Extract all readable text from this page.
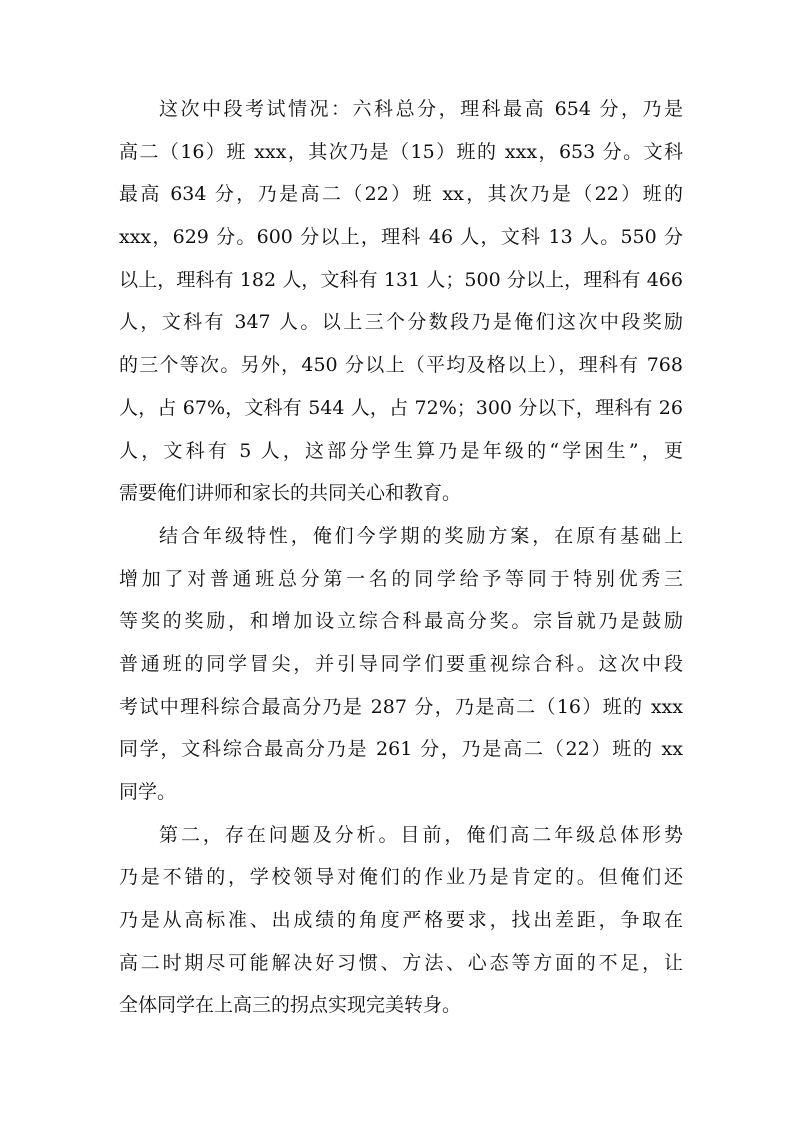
这次中段考试情况：六科总分，理科最高 654 分，乃是
高二（16）班 xxx，其次乃是（15）班的 xxx，653 分。文科
最高 634 分，乃是高二（22）班 xx，其次乃是（22）班的
xxx，629 分。600 分以上，理科 46 人，文科 13 人。550 分
以上，理科有 182 人，文科有 131 人；500 分以上，理科有 466
人，文科有 347 人。以上三个分数段乃是俺们这次中段奖励
的三个等次。另外，450 分以上（平均及格以上），理科有 768
人，占 67%，文科有 544 人，占 72%；300 分以下，理科有 26
人，文科有 5 人，这部分学生算乃是年级的“学困生”，更
需要俺们讲师和家长的共同关心和教育。
结合年级特性，俺们今学期的奖励方案，在原有基础上
增加了对普通班总分第一名的同学给予等同于特别优秀三
等奖的奖励，和增加设立综合科最高分奖。宗旨就乃是鼓励
普通班的同学冒尖，并引导同学们要重视综合科。这次中段
考试中理科综合最高分乃是 287 分，乃是高二（16）班的 xxx
同学，文科综合最高分乃是 261 分，乃是高二（22）班的 xx
同学。
第二，存在问题及分析。目前，俺们高二年级总体形势
乃是不错的，学校领导对俺们的作业乃是肯定的。但俺们还
乃是从高标准、出成绩的角度严格要求，找出差距，争取在
高二时期尽可能解决好习惯、方法、心态等方面的不足，让
全体同学在上高三的拐点实现完美转身。
